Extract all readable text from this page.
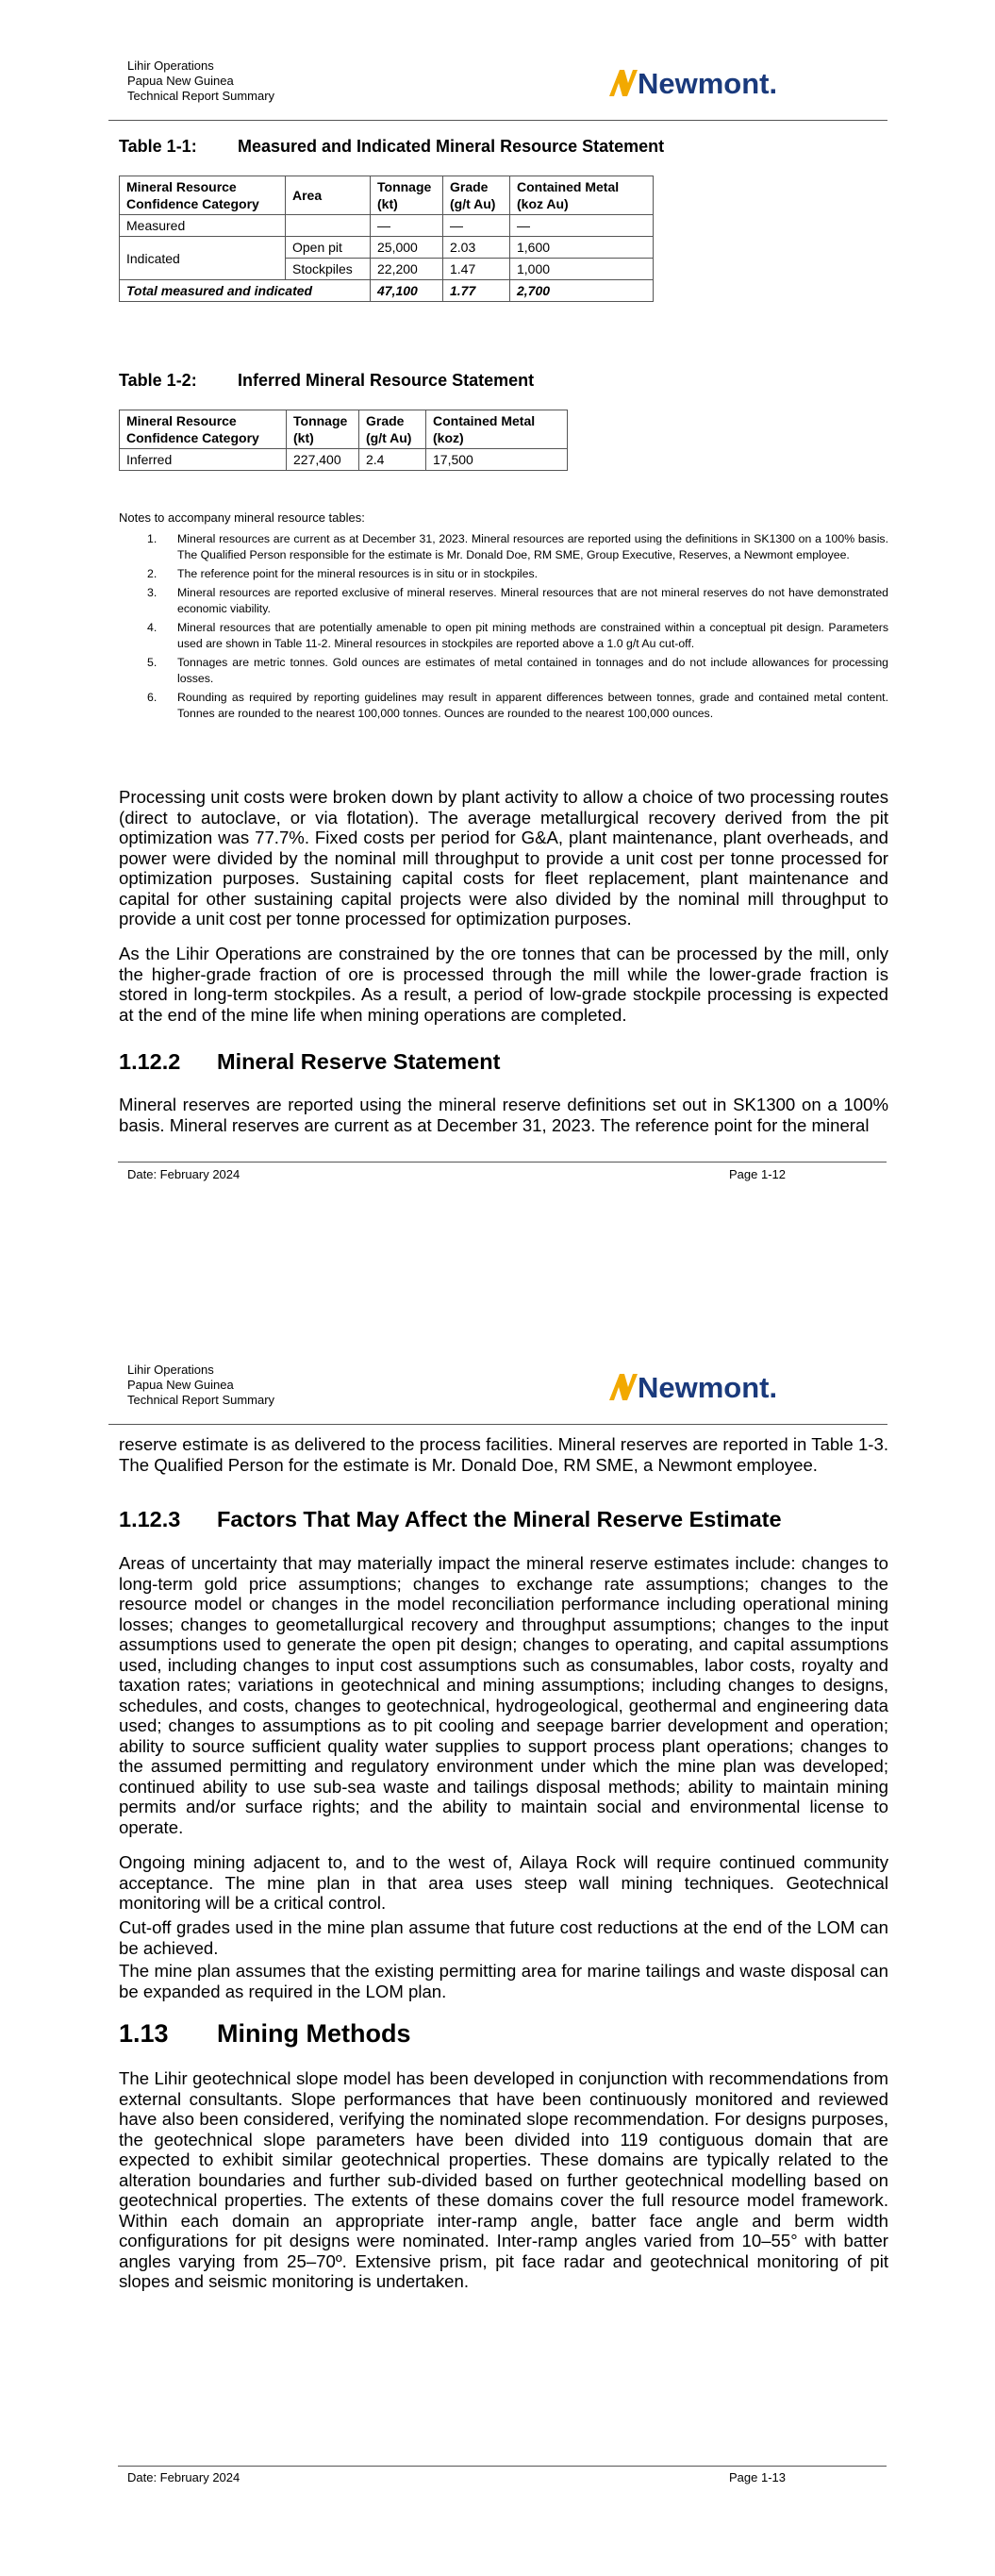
Lihir Operations
Papua New Guinea
Technical Report Summary	Newmont.
Table 1-1: Measured and Indicated Mineral Resource Statement
Mineral Resource Confidence Category	Area	Tonnage (kt)	Grade (g/t Au)	Contained Metal (koz Au)
Measured		—	—	—
Indicated	Open pit	25,000	2.03	1,600
	Stockpiles	22,200	1.47	1,000
Total measured and indicated		47,100	1.77	2,700
Table 1-2: Inferred Mineral Resource Statement
Mineral Resource Confidence Category	Tonnage (kt)	Grade (g/t Au)	Contained Metal (koz)
Inferred	227,400	2.4	17,500
Notes to accompany mineral resource tables:
1. Mineral resources are current as at December 31, 2023. Mineral resources are reported using the definitions in SK1300 on a 100% basis. The Qualified Person responsible for the estimate is Mr. Donald Doe, RM SME, Group Executive, Reserves, a Newmont employee.
2. The reference point for the mineral resources is in situ or in stockpiles.
3. Mineral resources are reported exclusive of mineral reserves. Mineral resources that are not mineral reserves do not have demonstrated economic viability.
4. Mineral resources that are potentially amenable to open pit mining methods are constrained within a conceptual pit design. Parameters used are shown in Table 11-2. Mineral resources in stockpiles are reported above a 1.0 g/t Au cut-off.
5. Tonnages are metric tonnes. Gold ounces are estimates of metal contained in tonnages and do not include allowances for processing losses.
6. Rounding as required by reporting guidelines may result in apparent differences between tonnes, grade and contained metal content. Tonnes are rounded to the nearest 100,000 tonnes. Ounces are rounded to the nearest 100,000 ounces.

Processing unit costs were broken down by plant activity to allow a choice of two processing routes (direct to autoclave, or via flotation). The average metallurgical recovery derived from the pit optimization was 77.7%. Fixed costs per period for G&A, plant maintenance, plant overheads, and power were divided by the nominal mill throughput to provide a unit cost per tonne processed for optimization purposes. Sustaining capital costs for fleet replacement, plant maintenance and capital for other sustaining capital projects were also divided by the nominal mill throughput to provide a unit cost per tonne processed for optimization purposes.

As the Lihir Operations are constrained by the ore tonnes that can be processed by the mill, only the higher-grade fraction of ore is processed through the mill while the lower-grade fraction is stored in long-term stockpiles. As a result, a period of low-grade stockpile processing is expected at the end of the mine life when mining operations are completed.

1.12.2 Mineral Reserve Statement

Mineral reserves are reported using the mineral reserve definitions set out in SK1300 on a 100% basis. Mineral reserves are current as at December 31, 2023. The reference point for the mineral

Date: February 2024	Page 1-12
Lihir Operations
Papua New Guinea
Technical Report Summary	Newmont.

reserve estimate is as delivered to the process facilities. Mineral reserves are reported in Table 1-3. The Qualified Person for the estimate is Mr. Donald Doe, RM SME, a Newmont employee.

1.12.3 Factors That May Affect the Mineral Reserve Estimate

Areas of uncertainty that may materially impact the mineral reserve estimates include: changes to long-term gold price assumptions; changes to exchange rate assumptions; changes to the resource model or changes in the model reconciliation performance including operational mining losses; changes to geometallurgical recovery and throughput assumptions; changes to the input assumptions used to generate the open pit design; changes to operating, and capital assumptions used, including changes to input cost assumptions such as consumables, labor costs, royalty and taxation rates; variations in geotechnical and mining assumptions; including changes to designs, schedules, and costs, changes to geotechnical, hydrogeological, geothermal and engineering data used; changes to assumptions as to pit cooling and seepage barrier development and operation; ability to source sufficient quality water supplies to support process plant operations; changes to the assumed permitting and regulatory environment under which the mine plan was developed; continued ability to use sub-sea waste and tailings disposal methods; ability to maintain mining permits and/or surface rights; and the ability to maintain social and environmental license to operate.

Ongoing mining adjacent to, and to the west of, Ailaya Rock will require continued community acceptance. The mine plan in that area uses steep wall mining techniques. Geotechnical monitoring will be a critical control.

Cut-off grades used in the mine plan assume that future cost reductions at the end of the LOM can be achieved.

The mine plan assumes that the existing permitting area for marine tailings and waste disposal can be expanded as required in the LOM plan.

1.13 Mining Methods

The Lihir geotechnical slope model has been developed in conjunction with recommendations from external consultants. Slope performances that have been continuously monitored and reviewed have also been considered, verifying the nominated slope recommendation. For designs purposes, the geotechnical slope parameters have been divided into 119 contiguous domain that are expected to exhibit similar geotechnical properties. These domains are typically related to the alteration boundaries and further sub-divided based on further geotechnical modelling based on geotechnical properties. The extents of these domains cover the full resource model framework. Within each domain an appropriate inter-ramp angle, batter face angle and berm width configurations for pit designs were nominated. Inter-ramp angles varied from 10–55° with batter angles varying from 25–70º. Extensive prism, pit face radar and geotechnical monitoring of pit slopes and seismic monitoring is undertaken.

Date: February 2024	Page 1-13
